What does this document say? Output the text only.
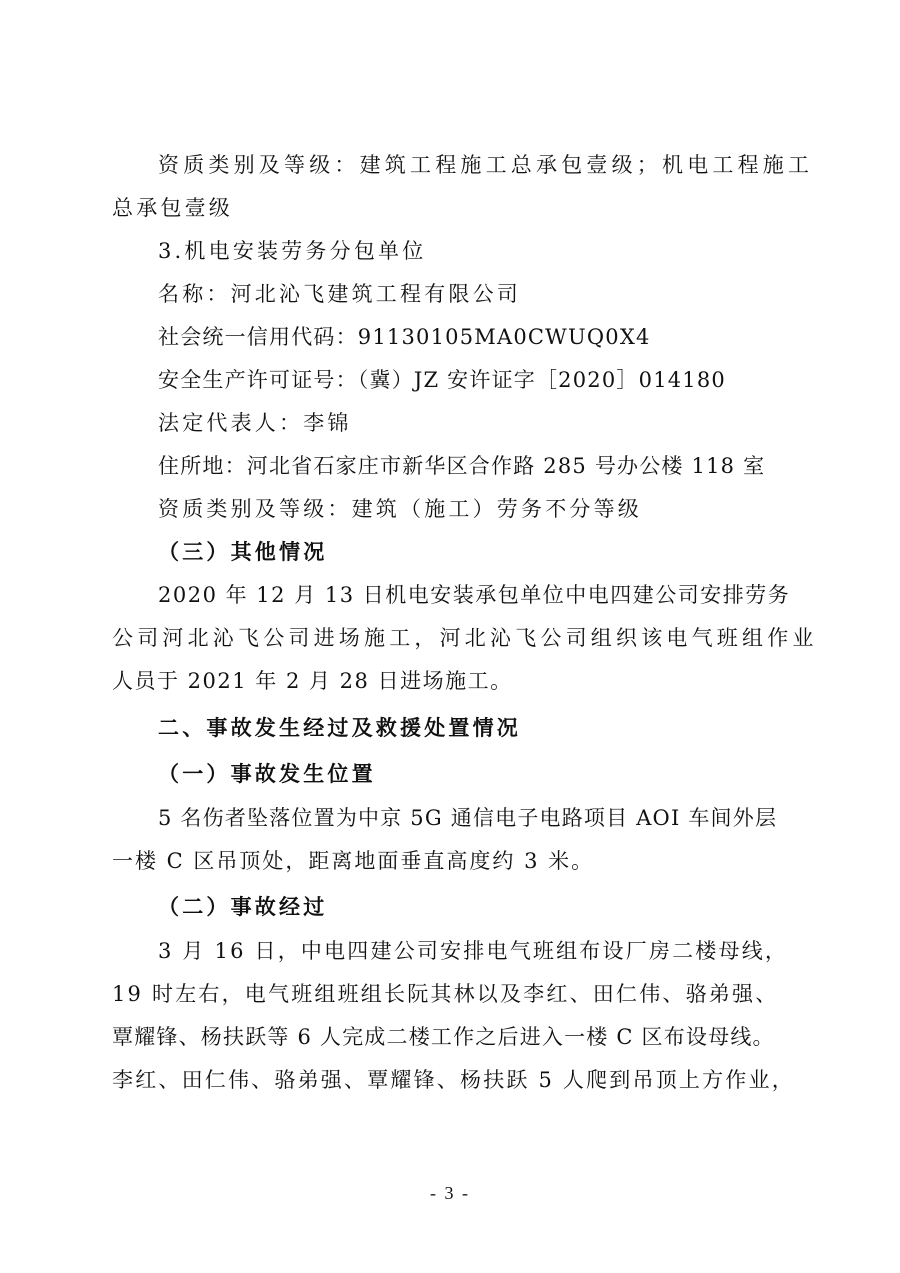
资质类别及等级：建筑工程施工总承包壹级；机电工程施工
总承包壹级
3.机电安装劳务分包单位
名称：河北沁飞建筑工程有限公司
社会统一信用代码：91130105MA0CWUQ0X4
安全生产许可证号：（冀）JZ 安许证字［2020］014180
法定代表人：李锦
住所地：河北省石家庄市新华区合作路 285 号办公楼 118 室
资质类别及等级：建筑（施工）劳务不分等级
（三）其他情况
2020 年 12 月 13 日机电安装承包单位中电四建公司安排劳务
公司河北沁飞公司进场施工，河北沁飞公司组织该电气班组作业
人员于 2021 年 2 月 28 日进场施工。
二、事故发生经过及救援处置情况
（一）事故发生位置
5 名伤者坠落位置为中京 5G 通信电子电路项目 AOI 车间外层
一楼 C 区吊顶处，距离地面垂直高度约 3 米。
（二）事故经过
3 月 16 日，中电四建公司安排电气班组布设厂房二楼母线，
19 时左右，电气班组班组长阮其林以及李红、田仁伟、骆弟强、
覃耀锋、杨扶跃等 6 人完成二楼工作之后进入一楼 C 区布设母线。
李红、田仁伟、骆弟强、覃耀锋、杨扶跃 5 人爬到吊顶上方作业，
- 3 -
